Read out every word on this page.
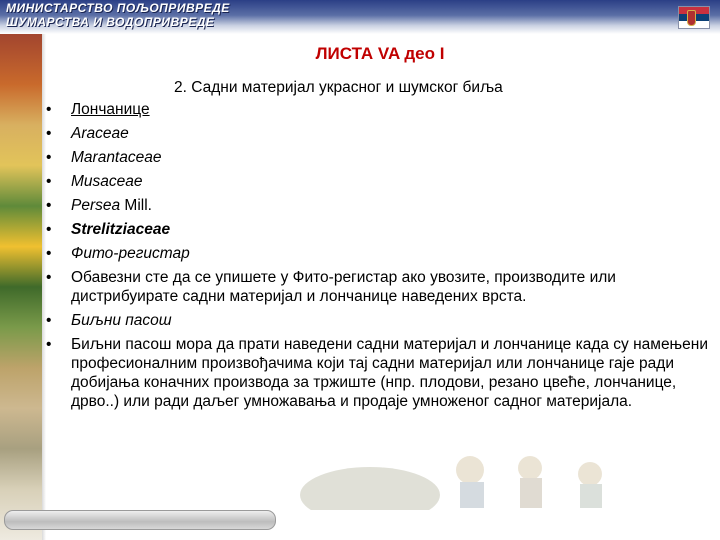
МИНИСТАРСТВО ПОЉОПРИВРЕДЕ
ШУМАРСТВА И ВОДОПРИВРЕДЕ
ЛИСТА VA део I
2. Садни материјал украсног и шумског биља
• Лончанице
• Araceae
• Marantaceae
• Musaceae
• Persea Mill.
• Strelitziaceae
• Фито-регистар
• Обавезни сте да се упишете у Фито-регистар ако увозите, производите или дистрибуирате садни материјал и лончанице наведених врста.
• Биљни пасош
• Биљни пасош мора да прати наведени садни материјал и лончанице када су намењени професионалним произвођачима који тај садни материјал или лончанице гаје ради добијања коначних производа за тржиште (нпр. плодови, резано цвеће, лончанице, дрво..) или ради даљег умножавања и продаје умноженог садног материјала.
